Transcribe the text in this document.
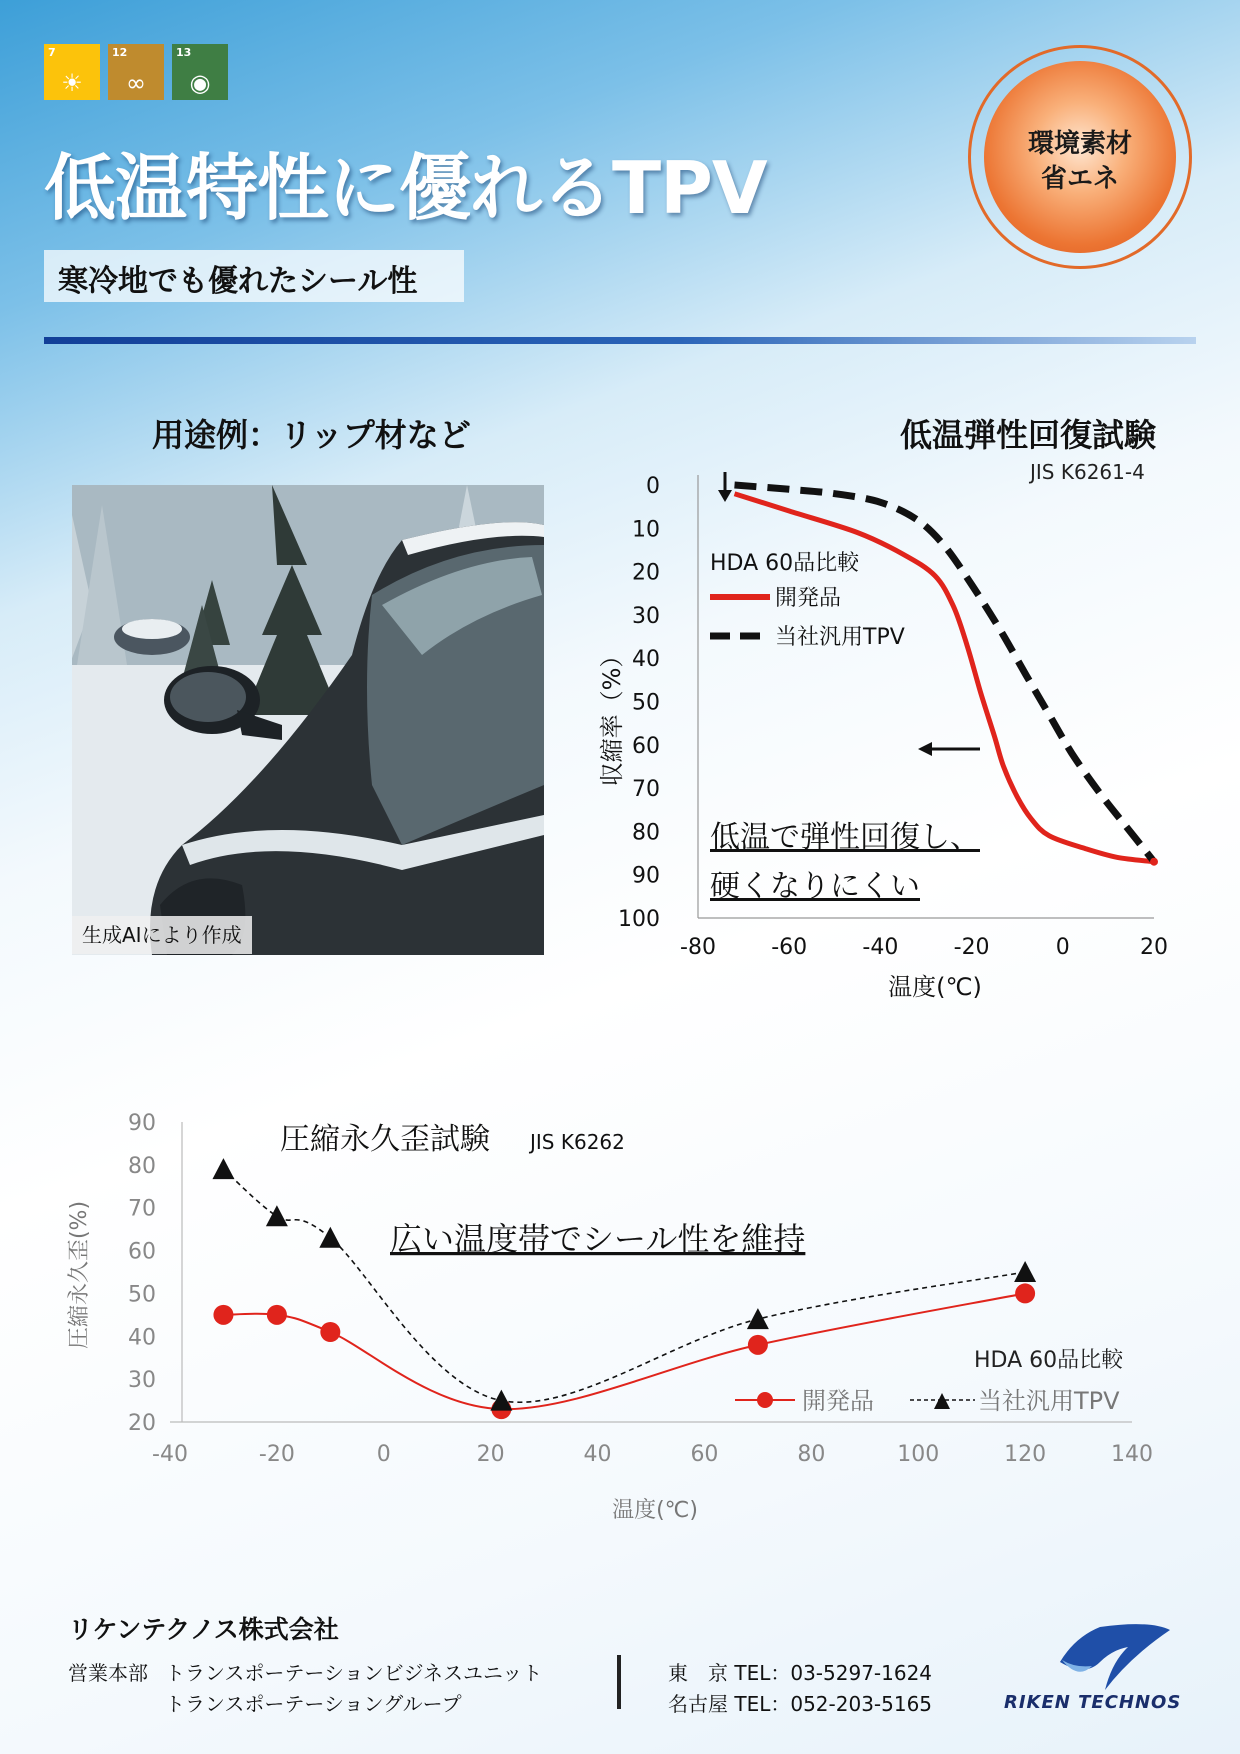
7
☀
12
∞
13
◉
低温特性に優れるTPV
寒冷地でも優れたシール性
環境素材
省エネ
用途例：リップ材など
生成AIにより作成
低温弾性回復試験
JIS K6261-4
0
10
20
30
40
50
60
70
80
90
100
-80	-60	-40	-20	0	20
収縮率（%）
温度(℃)
HDA 60品比較
開発品
当社汎用TPV
低温で弾性回復し、
硬くなりにくい
20
30
40
50
60
70
80
90
-40	-20	0	20	40	60	80	100	120	140
圧縮永久歪(%)
温度(℃)
圧縮永久歪試験 JIS K6262
広い温度帯でシール性を維持
HDA 60品比較
開発品	当社汎用TPV
リケンテクノス株式会社
営業本部 トランスポーテーションビジネスユニット
トランスポーテーショングループ
東　京 TEL：03-5297-1624
名古屋 TEL：052-203-5165	RIKEN TECHNOS
